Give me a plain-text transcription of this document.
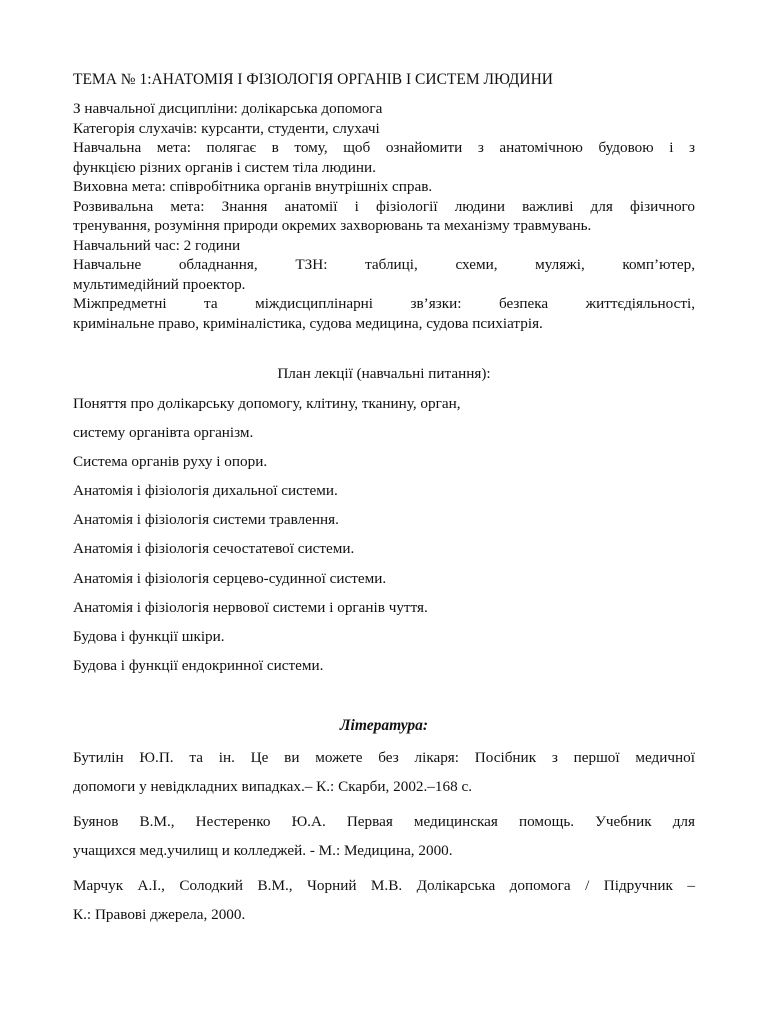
ТЕМА № 1:АНАТОМІЯ І ФІЗІОЛОГІЯ ОРГАНІВ І СИСТЕМ ЛЮДИНИ
З навчальної дисципліни: долікарська допомога
Категорія слухачів: курсанти, студенти, слухачі
Навчальна мета: полягає в тому, щоб ознайомити з анатомічною будовою і з
функцією різних органів і систем тіла людини.
Виховна мета: співробітника органів внутрішніх справ.
Розвивальна мета: Знання анатомії і фізіології людини важливі для фізичного
тренування, розуміння природи окремих захворювань та механізму травмувань.
Навчальний час: 2 години
Навчальне обладнання, ТЗН: таблиці, схеми, муляжі, комп’ютер,
мультимедійний проектор.
Міжпредметні та міждисциплінарні зв’язки: безпека життєдіяльності,
кримінальне право, криміналістика, судова медицина, судова психіатрія.
План лекції (навчальні питання):
Поняття про долікарську допомогу, клітину, тканину, орган,
систему органівта організм.
Система органів руху і опори.
Анатомія і фізіологія дихальної системи.
Анатомія і фізіологія системи травлення.
Анатомія і фізіологія сечостатевої системи.
Анатомія і фізіологія серцево-судинної системи.
Анатомія і фізіологія нервової системи і органів чуття.
Будова і функції шкіри.
Будова і функції ендокринної системи.
Література:
Бутилін Ю.П. та ін. Це ви можете без лікаря: Посібник з першої медичної
допомоги у невідкладних випадках.– К.: Скарби, 2002.–168 с.
Буянов В.М., Нестеренко Ю.А. Первая медицинская помощь. Учебник для
учащихся мед.училищ и колледжей. - М.: Медицина, 2000.
Марчук А.І., Солодкий В.М., Чорний М.В. Долікарська допомога / Підручник –
К.: Правові джерела, 2000.
